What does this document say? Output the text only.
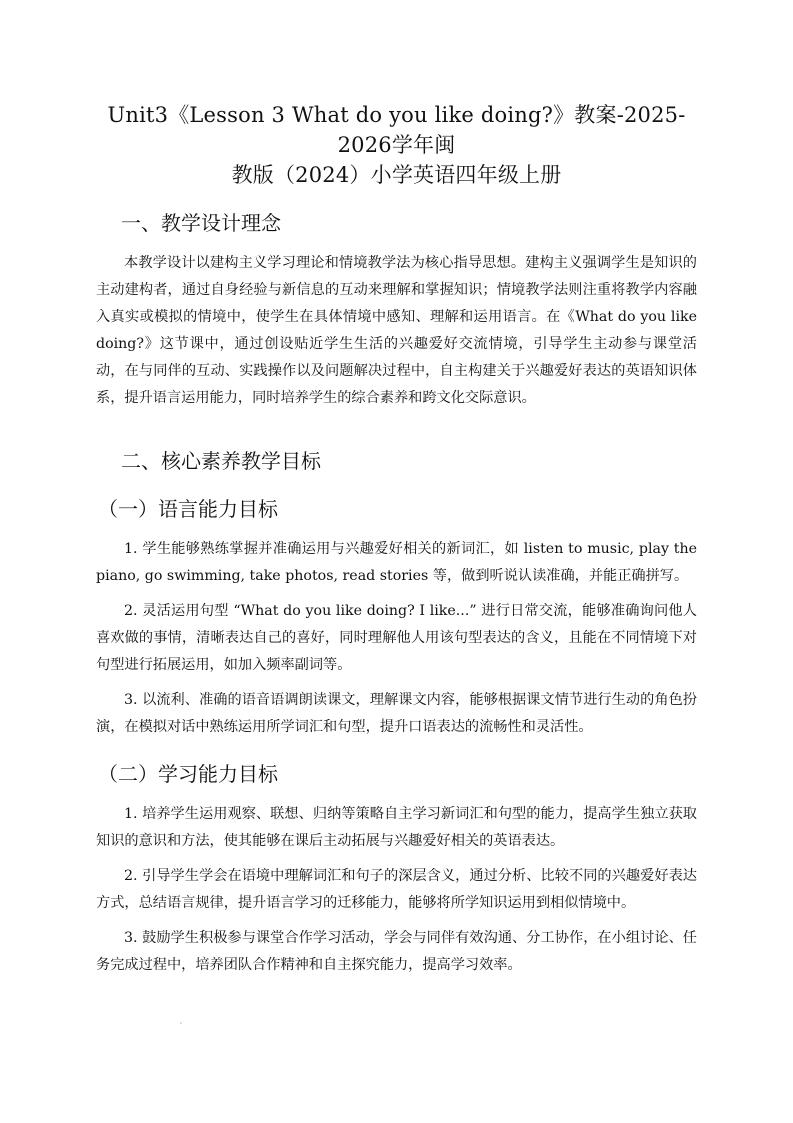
Unit3《Lesson 3 What do you like doing?》教案-2025-2026学年闽
教版（2024）小学英语四年级上册
一、教学设计理念

本教学设计以建构主义学习理论和情境教学法为核心指导思想。建构主义强调学生是知识的主动建构者，通过自身经验与新信息的互动来理解和掌握知识；情境教学法则注重将教学内容融入真实或模拟的情境中，使学生在具体情境中感知、理解和运用语言。在《What do you like doing?》这节课中，通过创设贴近学生生活的兴趣爱好交流情境，引导学生主动参与课堂活动，在与同伴的互动、实践操作以及问题解决过程中，自主构建关于兴趣爱好表达的英语知识体系，提升语言运用能力，同时培养学生的综合素养和跨文化交际意识。

二、核心素养教学目标
（一）语言能力目标

1. 学生能够熟练掌握并准确运用与兴趣爱好相关的新词汇，如 listen to music, play the piano, go swimming, take photos, read stories 等，做到听说认读准确，并能正确拼写。

2. 灵活运用句型 “What do you like doing? I like...” 进行日常交流，能够准确询问他人喜欢做的事情，清晰表达自己的喜好，同时理解他人用该句型表达的含义，且能在不同情境下对句型进行拓展运用，如加入频率副词等。

3. 以流利、准确的语音语调朗读课文，理解课文内容，能够根据课文情节进行生动的角色扮演，在模拟对话中熟练运用所学词汇和句型，提升口语表达的流畅性和灵活性。

（二）学习能力目标

1. 培养学生运用观察、联想、归纳等策略自主学习新词汇和句型的能力，提高学生独立获取知识的意识和方法，使其能够在课后主动拓展与兴趣爱好相关的英语表达。

2. 引导学生学会在语境中理解词汇和句子的深层含义，通过分析、比较不同的兴趣爱好表达方式，总结语言规律，提升语言学习的迁移能力，能够将所学知识运用到相似情境中。

3. 鼓励学生积极参与课堂合作学习活动，学会与同伴有效沟通、分工协作，在小组讨论、任务完成过程中，培养团队合作精神和自主探究能力，提高学习效率。
